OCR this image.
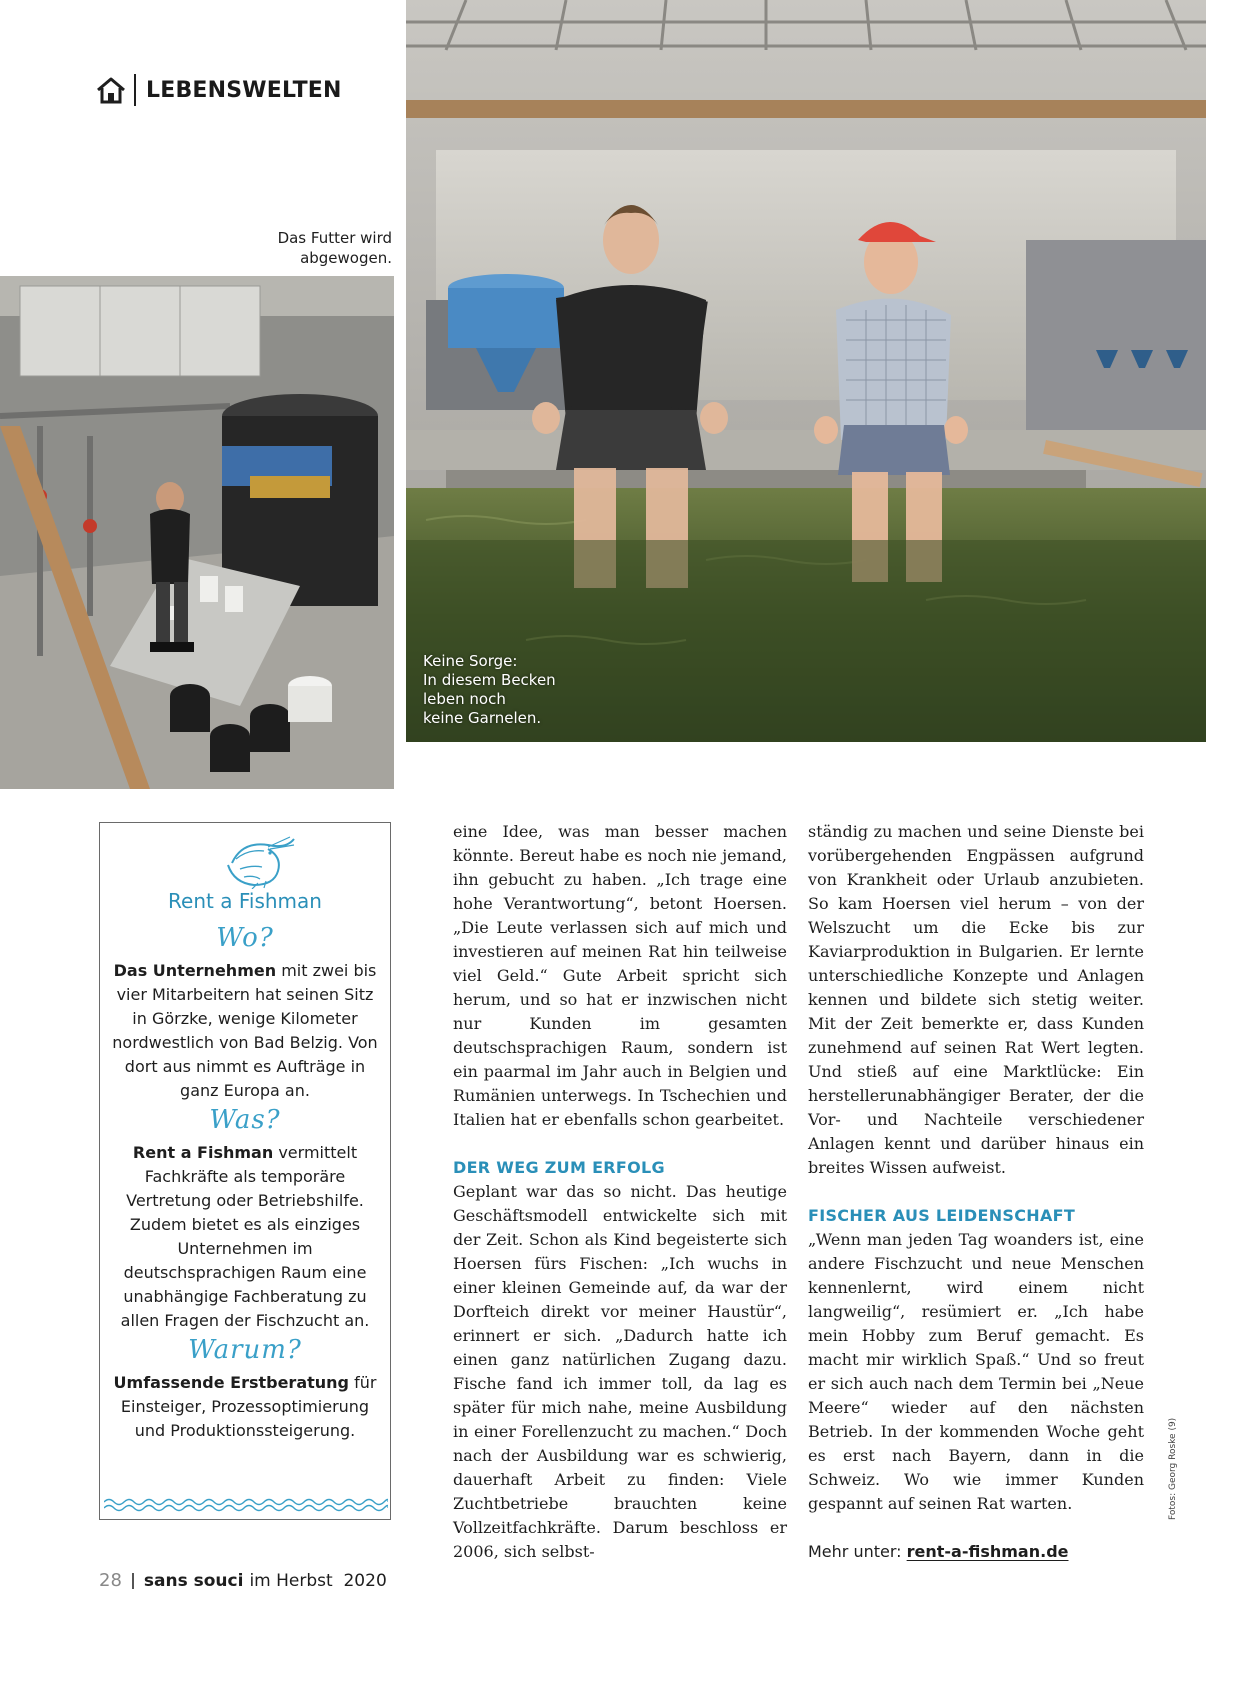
LEBENSWELTEN
Das Futter wird
abgewogen.
Keine Sorge:
In diesem Becken
leben noch
keine Garnelen.
Rent a Fishman
Wo?
Das Unternehmen mit zwei bis vier Mitarbeitern hat seinen Sitz in Görzke, wenige Kilometer nordwestlich von Bad Belzig. Von dort aus nimmt es Aufträge in ganz Europa an.
Was?
Rent a Fishman vermittelt Fachkräfte als temporäre Vertretung oder Betriebshilfe. Zudem bietet es als einziges Unternehmen im deutschsprachigen Raum eine unabhängige Fachberatung zu allen Fragen der Fischzucht an.
Warum?
Umfassende Erstberatung für Einsteiger, Prozessoptimierung und Produktionssteigerung.

eine Idee, was man besser machen könnte. Bereut habe es noch nie jemand, ihn gebucht zu haben. „Ich trage eine hohe Verantwortung“, betont Hoersen. „Die Leute verlassen sich auf mich und investieren auf meinen Rat hin teilweise viel Geld.“ Gute Arbeit spricht sich herum, und so hat er inzwischen nicht nur Kunden im gesamten deutschsprachigen Raum, sondern ist ein paarmal im Jahr auch in Belgien und Rumänien unterwegs. In Tschechien und Italien hat er ebenfalls schon gearbeitet.

DER WEG ZUM ERFOLG

Geplant war das so nicht. Das heutige Geschäftsmodell entwickelte sich mit der Zeit. Schon als Kind begeisterte sich Hoersen fürs Fischen: „Ich wuchs in einer kleinen Gemeinde auf, da war der Dorfteich direkt vor meiner Haustür“, erinnert er sich. „Dadurch hatte ich einen ganz natürlichen Zugang dazu. Fische fand ich immer toll, da lag es später für mich nahe, meine Ausbildung in einer Forellenzucht zu machen.“ Doch nach der Ausbildung war es schwierig, dauerhaft Arbeit zu finden: Viele Zuchtbetriebe brauchten keine Vollzeitfachkräfte. Darum beschloss er 2006, sich selbst-

ständig zu machen und seine Dienste bei vorübergehenden Engpässen aufgrund von Krankheit oder Urlaub anzubieten. So kam Hoersen viel herum – von der Welszucht um die Ecke bis zur Kaviarproduktion in Bulgarien. Er lernte unterschiedliche Konzepte und Anlagen kennen und bildete sich stetig weiter. Mit der Zeit bemerkte er, dass Kunden zunehmend auf seinen Rat Wert legten. Und stieß auf eine Marktlücke: Ein herstellerunabhängiger Berater, der die Vor- und Nachteile verschiedener Anlagen kennt und darüber hinaus ein breites Wissen aufweist.

FISCHER AUS LEIDENSCHAFT

„Wenn man jeden Tag woanders ist, eine andere Fischzucht und neue Menschen kennenlernt, wird einem nicht langweilig“, resümiert er. „Ich habe mein Hobby zum Beruf gemacht. Es macht mir wirklich Spaß.“ Und so freut er sich auch nach dem Termin bei „Neue Meere“ wieder auf den nächsten Betrieb. In der kommenden Woche geht es erst nach Bayern, dann in die Schweiz. Wo wie immer Kunden gespannt auf seinen Rat warten.

Mehr unter: rent-a-fishman.de
Fotos: Georg Roske (9)
28 sans souci im Herbst  2020
